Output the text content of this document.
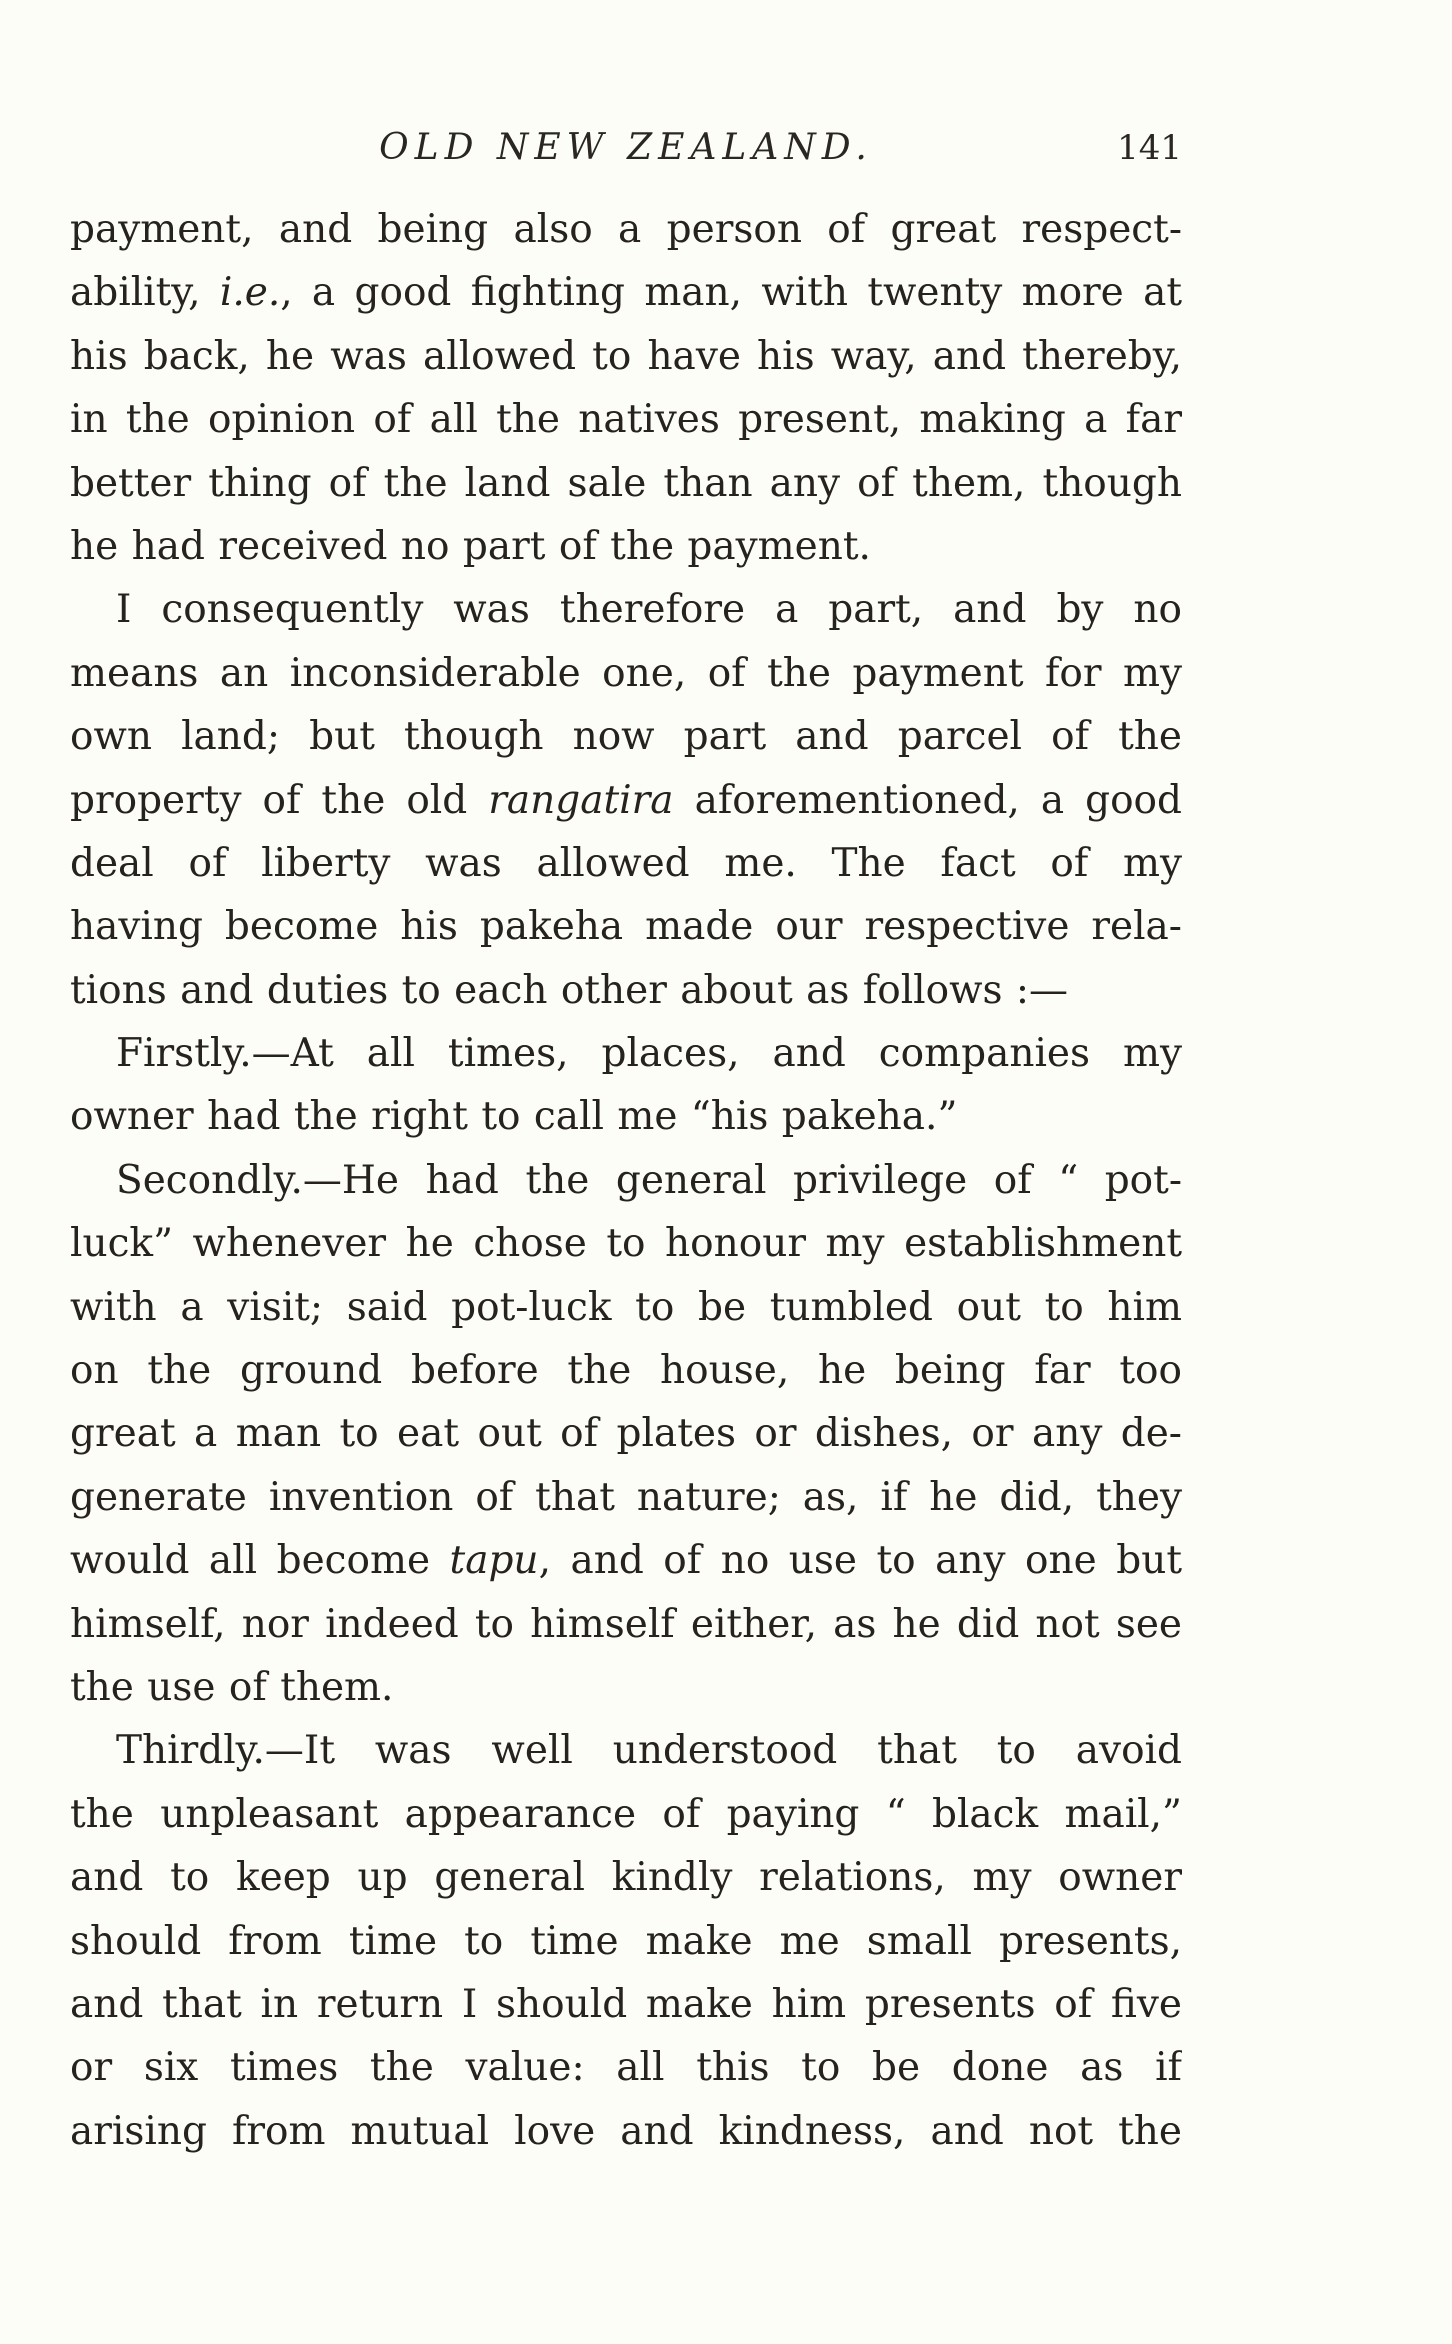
OLD NEW ZEALAND.	141
payment, and being also a person of great respect-
ability, i.e., a good fighting man, with twenty more at
his back, he was allowed to have his way, and thereby,
in the opinion of all the natives present, making a far
better thing of the land sale than any of them, though
he had received no part of the payment.
I consequently was therefore a part, and by no
means an inconsiderable one, of the payment for my
own land; but though now part and parcel of the
property of the old rangatira aforementioned, a good
deal of liberty was allowed me. The fact of my
having become his pakeha made our respective rela-
tions and duties to each other about as follows :—
Firstly.—At all times, places, and companies my
owner had the right to call me “his pakeha.”
Secondly.—He had the general privilege of “ pot-
luck” whenever he chose to honour my establishment
with a visit; said pot-luck to be tumbled out to him
on the ground before the house, he being far too
great a man to eat out of plates or dishes, or any de-
generate invention of that nature; as, if he did, they
would all become tapu, and of no use to any one but
himself, nor indeed to himself either, as he did not see
the use of them.
Thirdly.—It was well understood that to avoid
the unpleasant appearance of paying “ black mail,”
and to keep up general kindly relations, my owner
should from time to time make me small presents,
and that in return I should make him presents of five
or six times the value: all this to be done as if
arising from mutual love and kindness, and not the
